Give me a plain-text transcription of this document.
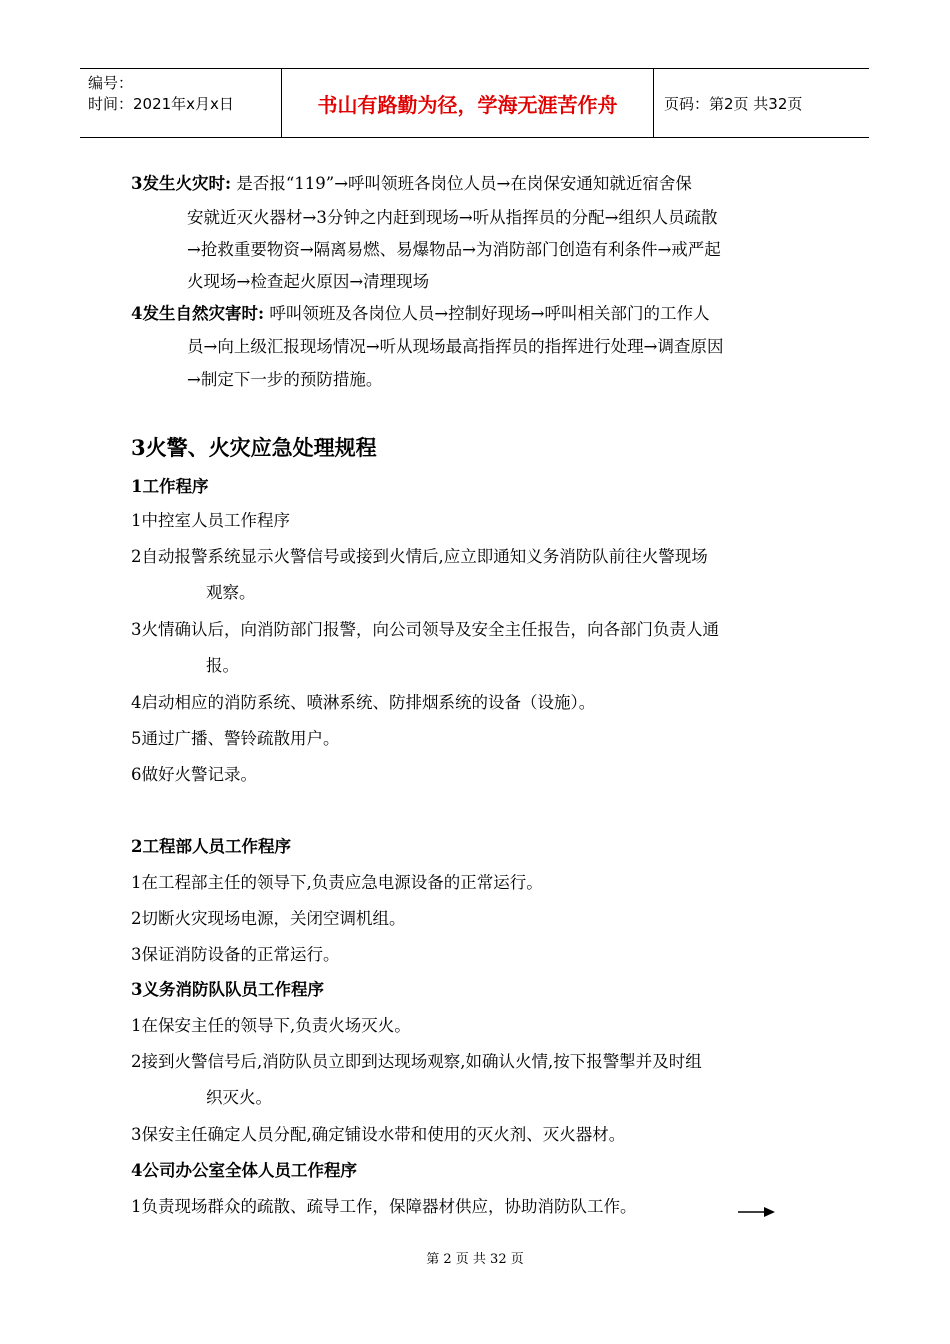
编号：
时间：2021年x月x日	书山有路勤为径，学海无涯苦作舟	页码：第2页 共32页
3发生火灾时: 是否报“119”→呼叫领班各岗位人员→在岗保安通知就近宿舍保
安就近灭火器材→3分钟之内赶到现场→听从指挥员的分配→组织人员疏散
→抢救重要物资→隔离易燃、易爆物品→为消防部门创造有利条件→戒严起
火现场→检查起火原因→清理现场
4发生自然灾害时: 呼叫领班及各岗位人员→控制好现场→呼叫相关部门的工作人
员→向上级汇报现场情况→听从现场最高指挥员的指挥进行处理→调查原因
→制定下一步的预防措施。
3火警、火灾应急处理规程
1工作程序
1中控室人员工作程序
2自动报警系统显示火警信号或接到火情后,应立即通知义务消防队前往火警现场
观察。
3火情确认后，向消防部门报警，向公司领导及安全主任报告，向各部门负责人通
报。
4启动相应的消防系统、喷淋系统、防排烟系统的设备（设施）。
5通过广播、警铃疏散用户。
6做好火警记录。
2工程部人员工作程序
1在工程部主任的领导下,负责应急电源设备的正常运行。
2切断火灾现场电源，关闭空调机组。
3保证消防设备的正常运行。
3义务消防队队员工作程序
1在保安主任的领导下,负责火场灭火。
2接到火警信号后,消防队员立即到达现场观察,如确认火情,按下报警掣并及时组
织灭火。
3保安主任确定人员分配,确定铺设水带和使用的灭火剂、灭火器材。
4公司办公室全体人员工作程序
1负责现场群众的疏散、疏导工作，保障器材供应，协助消防队工作。
第 2 页 共 32 页
